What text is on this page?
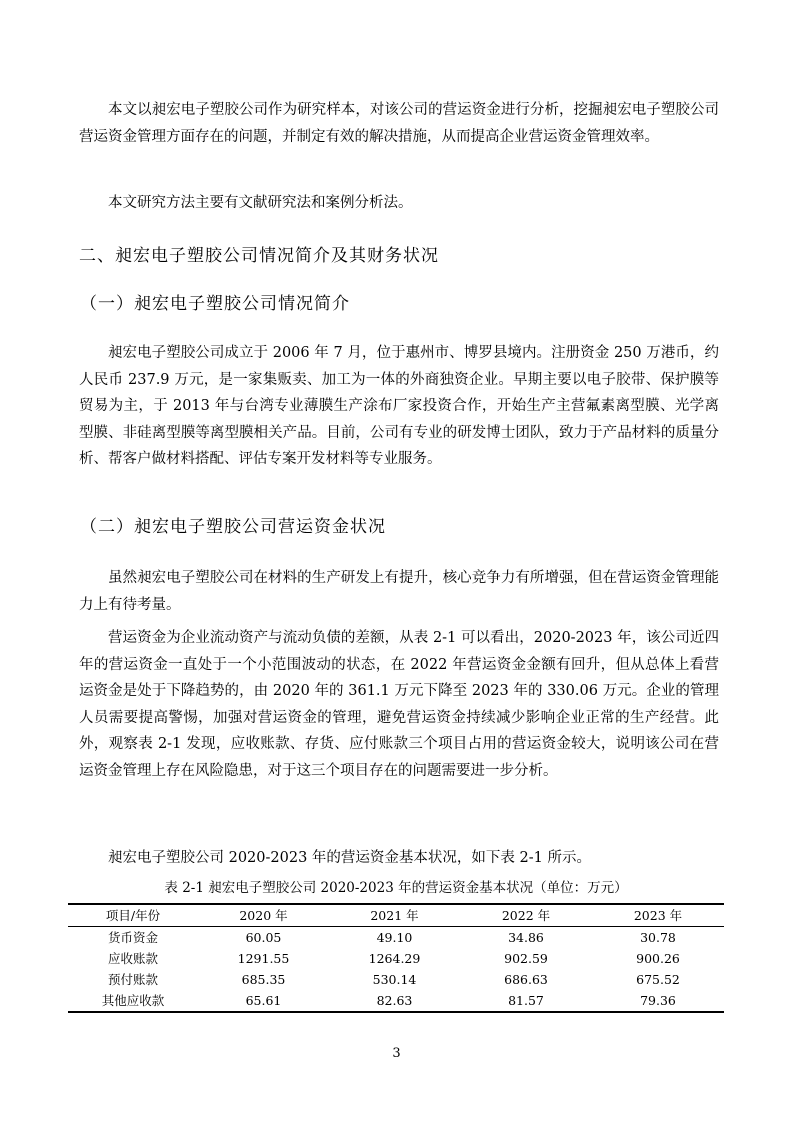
本文以昶宏电子塑胶公司作为研究样本，对该公司的营运资金进行分析，挖掘昶宏电子塑胶公司营运资金管理方面存在的问题，并制定有效的解决措施，从而提高企业营运资金管理效率。

本文研究方法主要有文献研究法和案例分析法。

二、昶宏电子塑胶公司情况简介及其财务状况
（一）昶宏电子塑胶公司情况简介

昶宏电子塑胶公司成立于 2006 年 7 月，位于惠州市、博罗县境内。注册资金 250 万港币，约人民币 237.9 万元，是一家集贩卖、加工为一体的外商独资企业。早期主要以电子胶带、保护膜等贸易为主，于 2013 年与台湾专业薄膜生产涂布厂家投资合作，开始生产主营氟素离型膜、光学离型膜、非硅离型膜等离型膜相关产品。目前，公司有专业的研发博士团队，致力于产品材料的质量分析、帮客户做材料搭配、评估专案开发材料等专业服务。

（二）昶宏电子塑胶公司营运资金状况

虽然昶宏电子塑胶公司在材料的生产研发上有提升，核心竞争力有所增强，但在营运资金管理能力上有待考量。

营运资金为企业流动资产与流动负债的差额，从表 2-1 可以看出，2020-2023 年，该公司近四年的营运资金一直处于一个小范围波动的状态，在 2022 年营运资金金额有回升，但从总体上看营运资金是处于下降趋势的，由 2020 年的 361.1 万元下降至 2023 年的 330.06 万元。企业的管理人员需要提高警惕，加强对营运资金的管理，避免营运资金持续减少影响企业正常的生产经营。此外，观察表 2-1 发现，应收账款、存货、应付账款三个项目占用的营运资金较大，说明该公司在营运资金管理上存在风险隐患，对于这三个项目存在的问题需要进一步分析。

昶宏电子塑胶公司 2020-2023 年的营运资金基本状况，如下表 2-1 所示。

表 2-1 昶宏电子塑胶公司 2020-2023 年的营运资金基本状况（单位：万元）
项目/年份	2020 年	2021 年	2022 年	2023 年
货币资金	60.05	49.10	34.86	30.78
应收账款	1291.55	1264.29	902.59	900.26
预付账款	685.35	530.14	686.63	675.52
其他应收款	65.61	82.63	81.57	79.36
3
